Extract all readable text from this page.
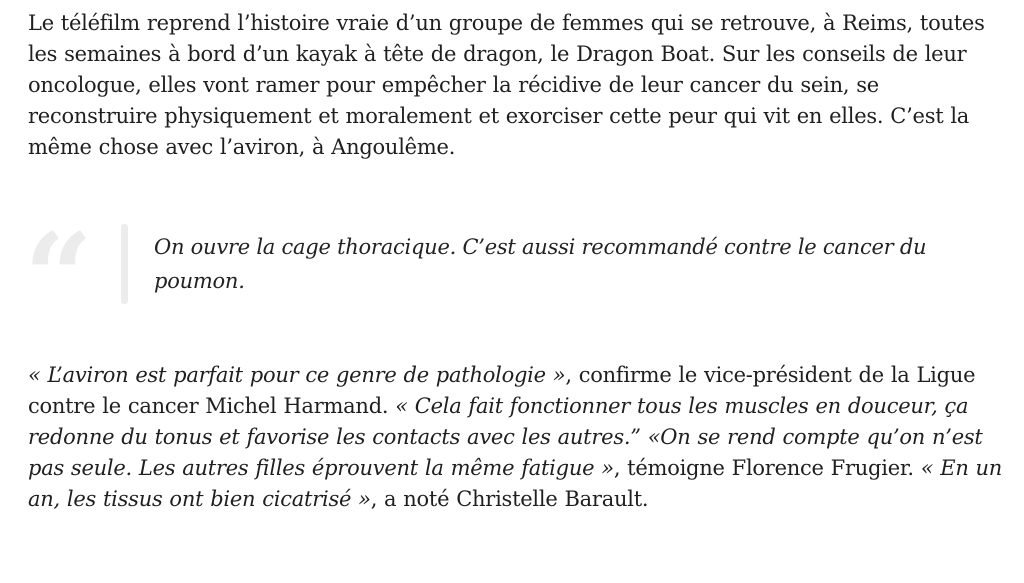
Le téléfilm reprend l’histoire vraie d’un groupe de femmes qui se retrouve, à Reims, toutes les semaines à bord d’un kayak à tête de dragon, le Dragon Boat. Sur les conseils de leur oncologue, elles vont ramer pour empêcher la récidive de leur cancer du sein, se reconstruire physiquement et moralement et exorciser cette peur qui vit en elles. C’est la même chose avec l’aviron, à Angoulême.

“	On ouvre la cage thoracique. C’est aussi recommandé contre le cancer du poumon.

« L’aviron est parfait pour ce genre de pathologie », confirme le vice-président de la Ligue contre le cancer Michel Harmand. « Cela fait fonctionner tous les muscles en douceur, ça redonne du tonus et favorise les contacts avec les autres.” «On se rend compte qu’on n’est pas seule. Les autres filles éprouvent la même fatigue », témoigne Florence Frugier. « En un an, les tissus ont bien cicatrisé », a noté Christelle Barault.
